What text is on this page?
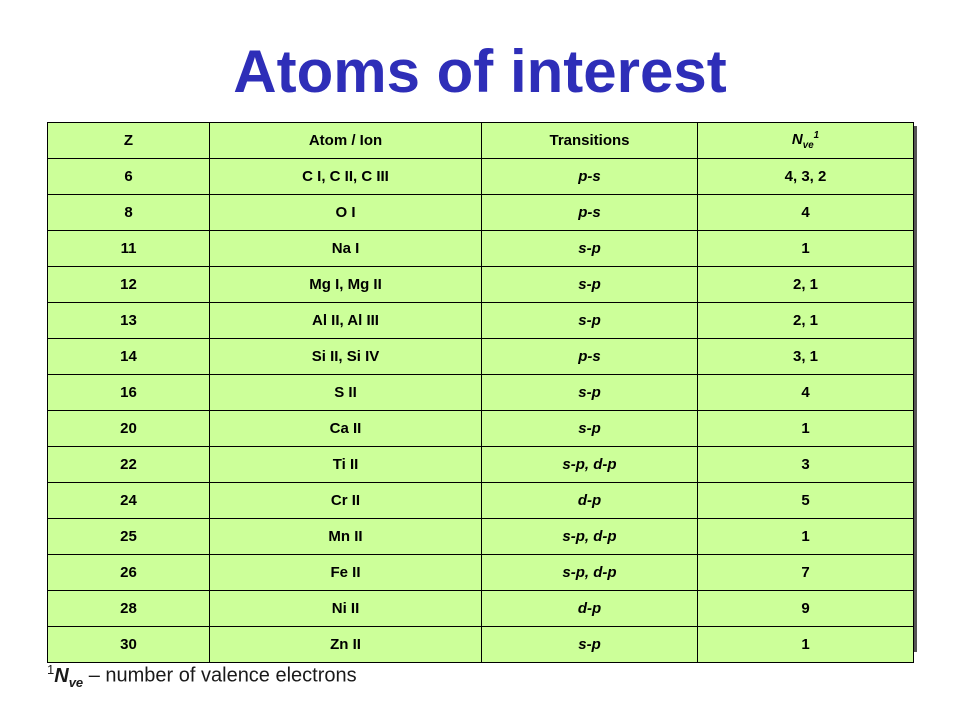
Atoms of interest
Z	Atom / Ion	Transitions	$N_{ve}^1$
6	C I, C II, C III	p-s	4, 3, 2
8	O I	p-s	4
11	Na I	s-p	1
12	Mg I, Mg II	s-p	2, 1
13	Al II, Al III	s-p	2, 1
14	Si II, Si IV	p-s	3, 1
16	S II	s-p	4
20	Ca II	s-p	1
22	Ti II	s-p, d-p	3
24	Cr II	d-p	5
25	Mn II	s-p, d-p	1
26	Fe II	s-p, d-p	7
28	Ni II	d-p	9
30	Zn II	s-p	1
$^1N_{ve}$ – number of valence electrons
